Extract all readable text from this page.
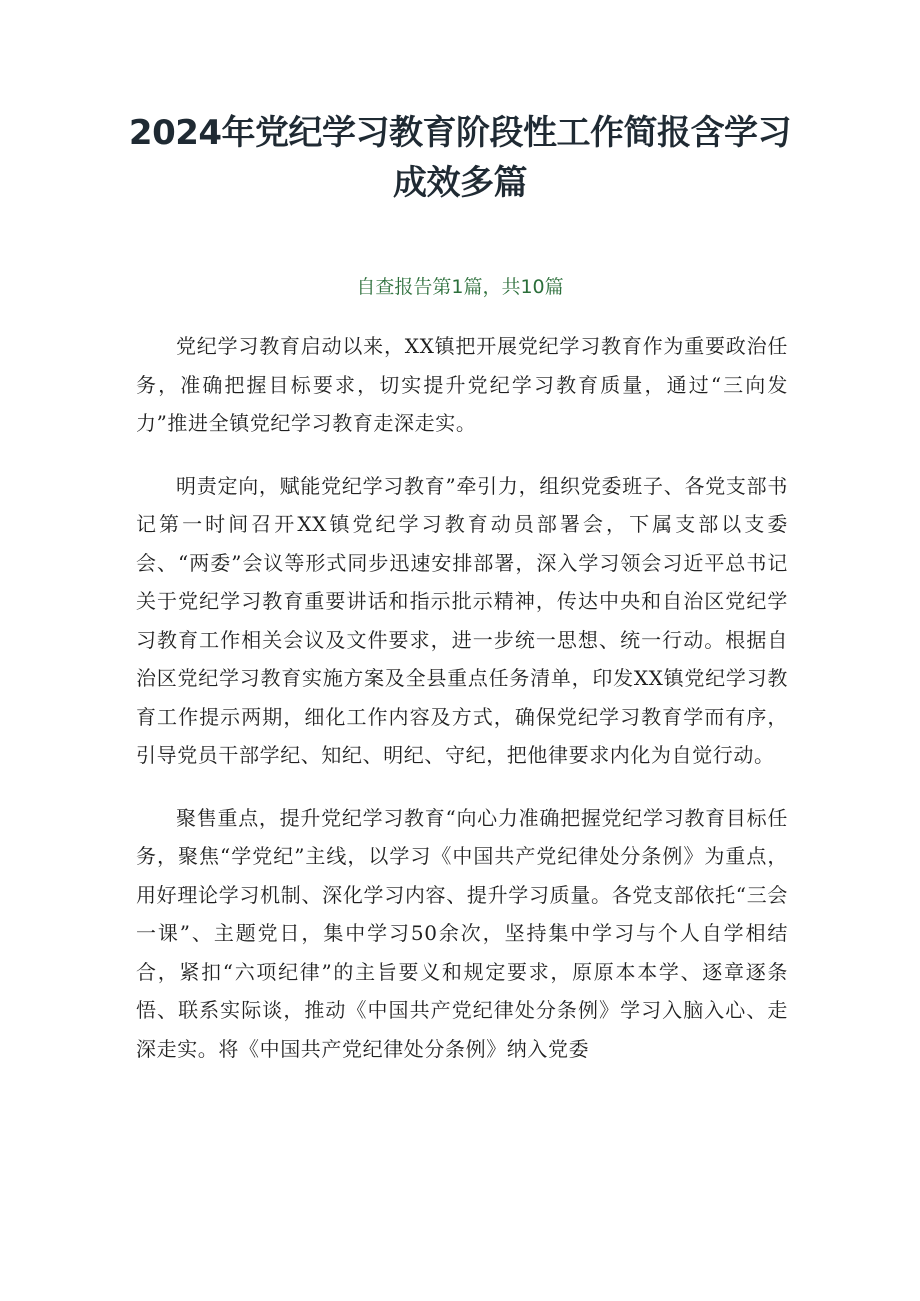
2024年党纪学习教育阶段性工作简报含学习成效多篇
自查报告第1篇，共10篇

党纪学习教育启动以来，XX镇把开展党纪学习教育作为重要政治任务，准确把握目标要求，切实提升党纪学习教育质量，通过“三向发力”推进全镇党纪学习教育走深走实。

明责定向，赋能党纪学习教育”牵引力，组织党委班子、各党支部书记第一时间召开XX镇党纪学习教育动员部署会，下属支部以支委会、“两委”会议等形式同步迅速安排部署，深入学习领会习近平总书记关于党纪学习教育重要讲话和指示批示精神，传达中央和自治区党纪学习教育工作相关会议及文件要求，进一步统一思想、统一行动。根据自治区党纪学习教育实施方案及全县重点任务清单，印发XX镇党纪学习教育工作提示两期，细化工作内容及方式，确保党纪学习教育学而有序，引导党员干部学纪、知纪、明纪、守纪，把他律要求内化为自觉行动。

聚售重点，提升党纪学习教育“向心力准确把握党纪学习教育目标任务，聚焦“学党纪”主线，以学习《中国共产党纪律处分条例》为重点，用好理论学习机制、深化学习内容、提升学习质量。各党支部依托“三会一课”、主题党日，集中学习50余次，坚持集中学习与个人自学相结合，紧扣“六项纪律”的主旨要义和规定要求，原原本本学、逐章逐条悟、联系实际谈，推动《中国共产党纪律处分条例》学习入脑入心、走深走实。将《中国共产党纪律处分条例》纳入党委
